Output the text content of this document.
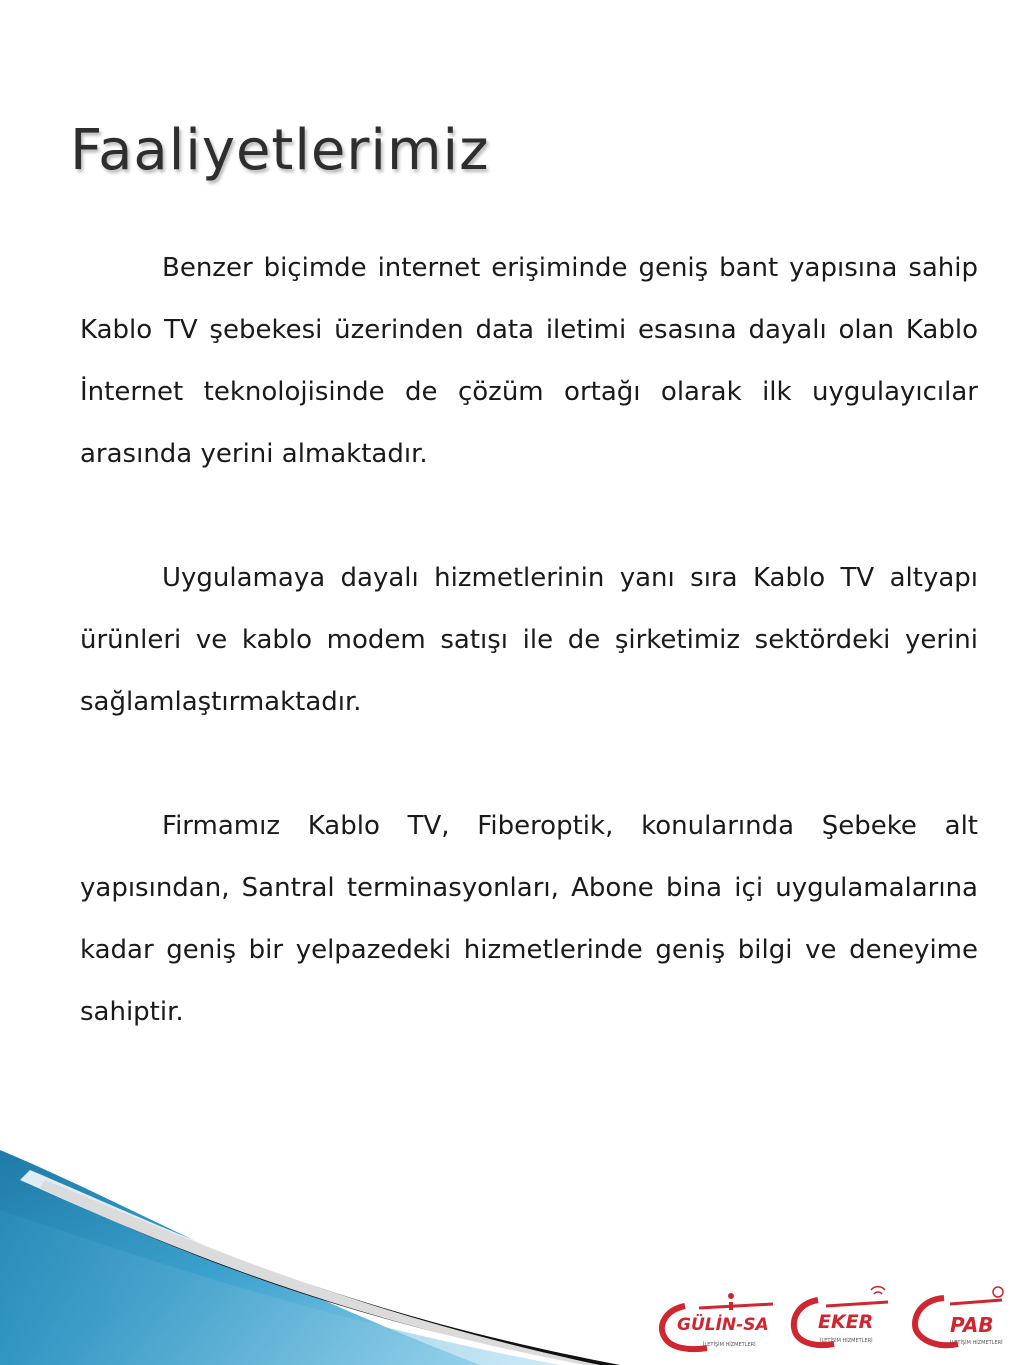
Faaliyetlerimiz

Benzer biçimde internet erişiminde geniş bant yapısına sahip Kablo TV şebekesi üzerinden data iletimi esasına dayalı olan Kablo İnternet teknolojisinde de çözüm ortağı olarak ilk uygulayıcılar arasında yerini almaktadır.

Uygulamaya dayalı hizmetlerinin yanı sıra Kablo TV altyapı ürünleri ve kablo modem satışı ile de şirketimiz sektördeki yerini sağlamlaştırmaktadır.

Firmamız Kablo TV, Fiberoptik, konularında Şebeke alt yapısından, Santral terminasyonları, Abone bina içi uygulamalarına kadar geniş bir yelpazedeki hizmetlerinde geniş bilgi ve deneyime sahiptir.

GÜLİN-SA
İLETİŞİM HİZMETLERİ
EKER
İLETİŞİM HİZMETLERİ
PAB
İLETİŞİM HİZMETLERİ
